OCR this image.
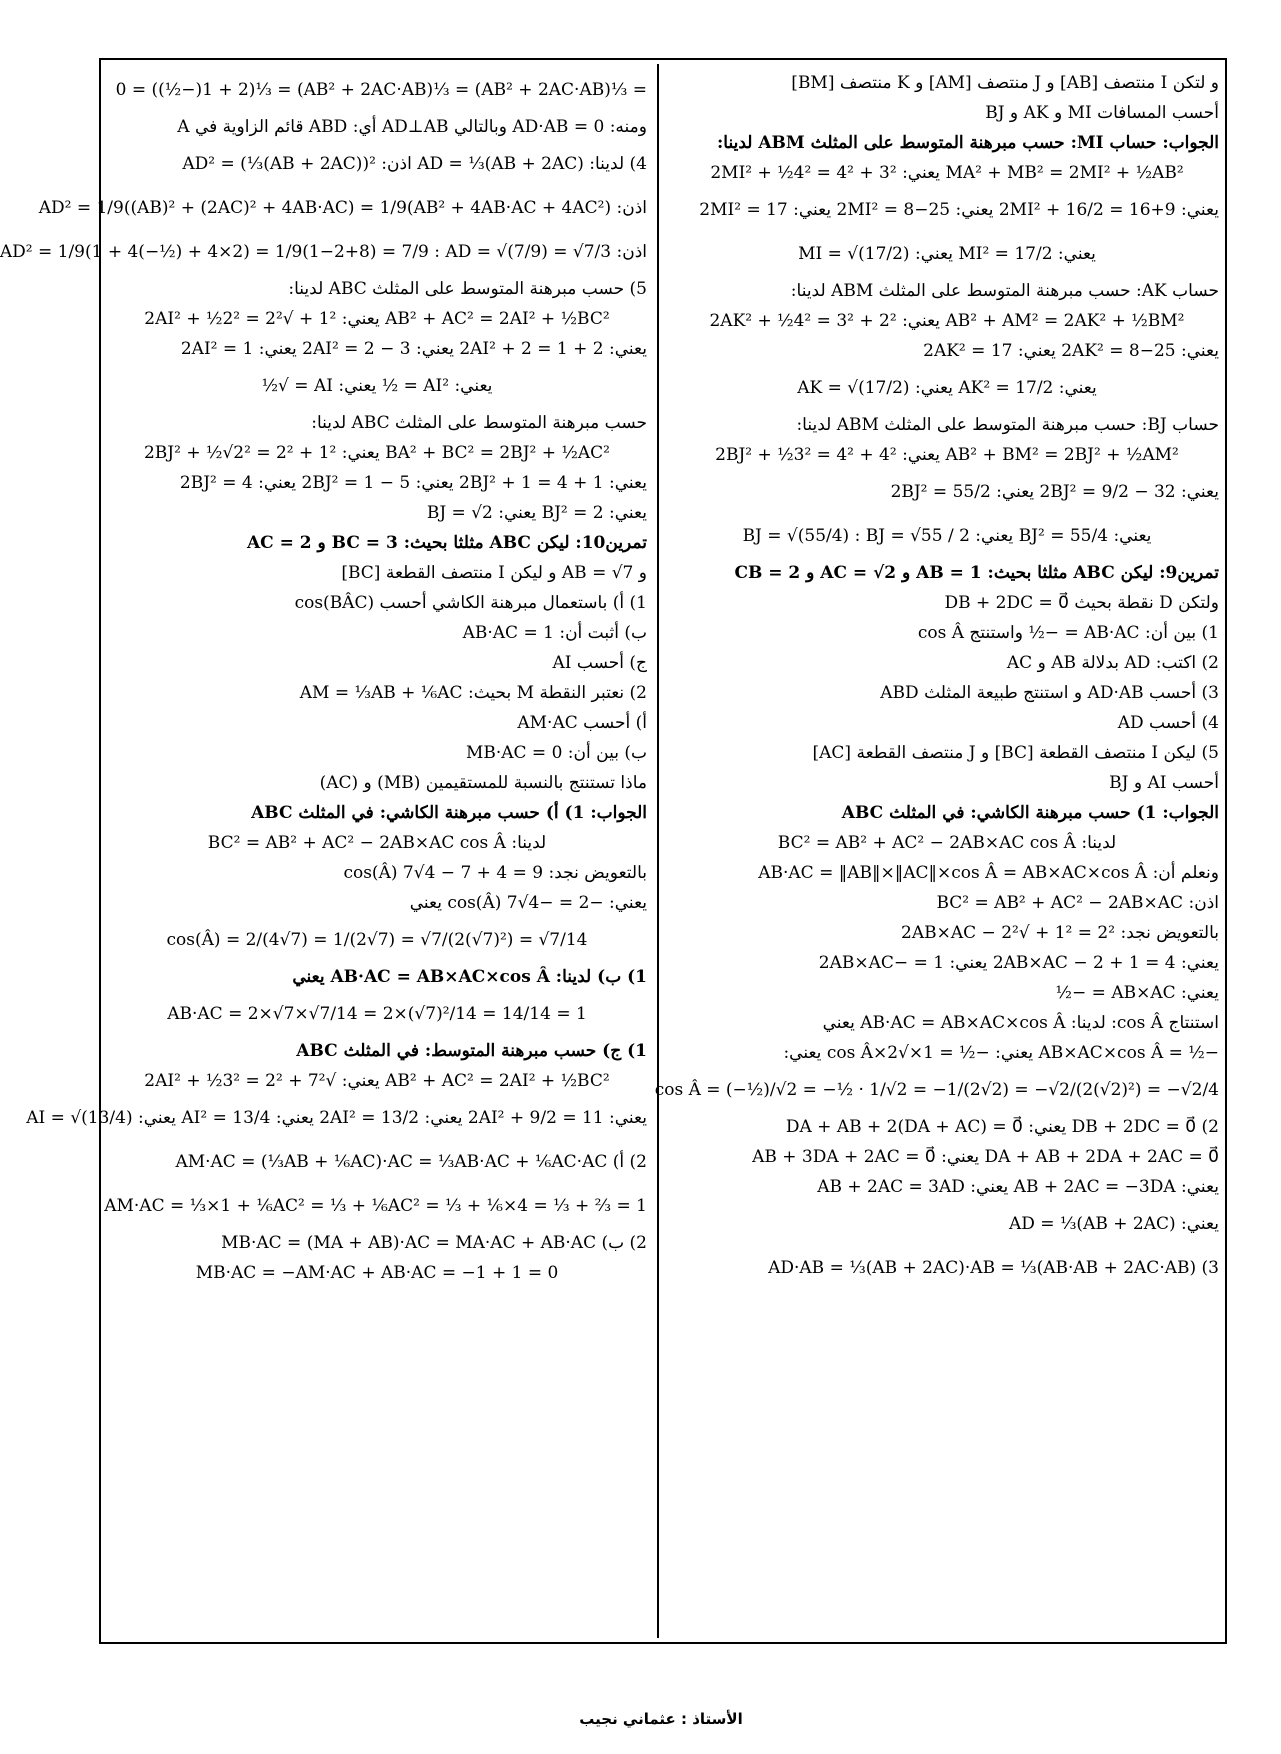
و لتكن I منتصف [AB] و J منتصف [AM] و K منتصف [BM]
أحسب المسافات MI و AK و BJ
الجواب: حساب MI: حسب مبرهنة المتوسط على المثلث ABM لدينا:
MA² + MB² = 2MI² + ½AB² يعني: 3² + 4² = 2MI² + ½4²
يعني: 9+16 = 2MI² + 16/2 يعني: 25−8 = 2MI² يعني: 17 = 2MI²
يعني: MI² = 17/2 يعني: MI = √(17/2)
حساب AK: حسب مبرهنة المتوسط على المثلث ABM لدينا:
AB² + AM² = 2AK² + ½BM² يعني: 2² + 3² = 2AK² + ½4²
يعني: 25−8 = 2AK² يعني: 17 = 2AK²
يعني: AK² = 17/2 يعني: AK = √(17/2)
حساب BJ: حسب مبرهنة المتوسط على المثلث ABM لدينا:
AB² + BM² = 2BJ² + ½AM² يعني: 4² + 4² = 2BJ² + ½3²
يعني: 32 − 9/2 = 2BJ² يعني: 55/2 = 2BJ²
يعني: BJ² = 55/4 يعني: BJ = √(55/4) : BJ = √55 / 2
تمرين9: ليكن ABC مثلثا بحيث: AB = 1 و AC = √2 و CB = 2
ولتكن D نقطة بحيث DB + 2DC = 0⃗
1) بين أن: AB·AC = −½ واستنتج cos Â
2) اكتب: AD بدلالة AB و AC
3) أحسب AD·AB و استنتج طبيعة المثلث ABD
4) أحسب AD
5) ليكن I منتصف القطعة [BC] و J منتصف القطعة [AC]
أحسب AI و BJ
الجواب: 1) حسب مبرهنة الكاشي: في المثلث ABC
لدينا: BC² = AB² + AC² − 2AB×AC cos Â
ونعلم أن: AB·AC = ‖AB‖×‖AC‖×cos Â = AB×AC×cos Â
اذن: BC² = AB² + AC² − 2AB×AC
بالتعويض نجد: 2² = 1² + √2² − 2AB×AC
يعني: 4 = 1 + 2 − 2AB×AC يعني: 1 = −2AB×AC
يعني: AB×AC = −½
استنتاج cos Â: لدينا: AB·AC = AB×AC×cos Â يعني
−½ = AB×AC×cos Â يعني: −½ = 1×√2×cos Â يعني:
cos Â = (−½)/√2 = −½ · 1/√2 = −1/(2√2) = −√2/(2(√2)²) = −√2/4
2) DB + 2DC = 0⃗ يعني: DA + AB + 2(DA + AC) = 0⃗
DA + AB + 2DA + 2AC = 0⃗ يعني: AB + 3DA + 2AC = 0⃗
يعني: AB + 2AC = −3DA يعني: AB + 2AC = 3AD
يعني: AD = ⅓(AB + 2AC)
3) AD·AB = ⅓(AB + 2AC)·AB = ⅓(AB·AB + 2AC·AB)
= ⅓(AB² + 2AC·AB) = ⅓(AB² + 2AC·AB) = ⅓(1 + 2(−½)) = 0
ومنه: AD·AB = 0 وبالتالي AD⊥AB أي: ABD قائم الزاوية في A
4) لدينا: AD = ⅓(AB + 2AC) اذن: AD² = (⅓(AB + 2AC))²
اذن: AD² = 1/9((AB)² + (2AC)² + 4AB·AC) = 1/9(AB² + 4AB·AC + 4AC²)
اذن: AD² = 1/9(1 + 4(−½) + 4×2) = 1/9(1−2+8) = 7/9 : AD = √(7/9) = √7/3
5) حسب مبرهنة المتوسط على المثلث ABC لدينا:
AB² + AC² = 2AI² + ½BC² يعني: 1² + √2² = 2AI² + ½2²
يعني: 2 + 1 = 2AI² + 2 يعني: 3 − 2 = 2AI² يعني: 1 = 2AI²
يعني: AI² = ½ يعني: AI = √½
حسب مبرهنة المتوسط على المثلث ABC لدينا:
BA² + BC² = 2BJ² + ½AC² يعني: 1² + 2² = 2BJ² + ½√2²
يعني: 1 + 4 = 2BJ² + 1 يعني: 5 − 1 = 2BJ² يعني: 4 = 2BJ²
يعني: BJ² = 2 يعني: BJ = √2
تمرين10: ليكن ABC مثلثا بحيث: BC = 3 و AC = 2
و AB = √7 و ليكن I منتصف القطعة [BC]
1) أ) باستعمال مبرهنة الكاشي أحسب cos(BÂC)
ب) أثبت أن: AB·AC = 1
ج) أحسب AI
2) نعتبر النقطة M بحيث: AM = ⅓AB + ⅙AC
أ) أحسب AM·AC
ب) بين أن: MB·AC = 0
ماذا تستنتج بالنسبة للمستقيمين (MB) و (AC)
الجواب: 1) أ) حسب مبرهنة الكاشي: في المثلث ABC
لدينا: BC² = AB² + AC² − 2AB×AC cos Â
بالتعويض نجد: 9 = 4 + 7 − 4√7 cos(Â)
يعني: −2 = −4√7 cos(Â) يعني
cos(Â) = 2/(4√7) = 1/(2√7) = √7/(2(√7)²) = √7/14
1) ب) لدينا: AB·AC = AB×AC×cos Â يعني
AB·AC = 2×√7×√7/14 = 2×(√7)²/14 = 14/14 = 1
1) ج) حسب مبرهنة المتوسط: في المثلث ABC
AB² + AC² = 2AI² + ½BC² يعني: √7² + 2² = 2AI² + ½3²
يعني: 11 = 2AI² + 9/2 يعني: 13/2 = 2AI² يعني: AI² = 13/4 يعني: AI = √(13/4)
2) أ) AM·AC = (⅓AB + ⅙AC)·AC = ⅓AB·AC + ⅙AC·AC
AM·AC = ⅓×1 + ⅙AC² = ⅓ + ⅙AC² = ⅓ + ⅙×4 = ⅓ + ⅔ = 1
2) ب) MB·AC = (MA + AB)·AC = MA·AC + AB·AC
MB·AC = −AM·AC + AB·AC = −1 + 1 = 0
الأستاذ : عثماني نجيب
